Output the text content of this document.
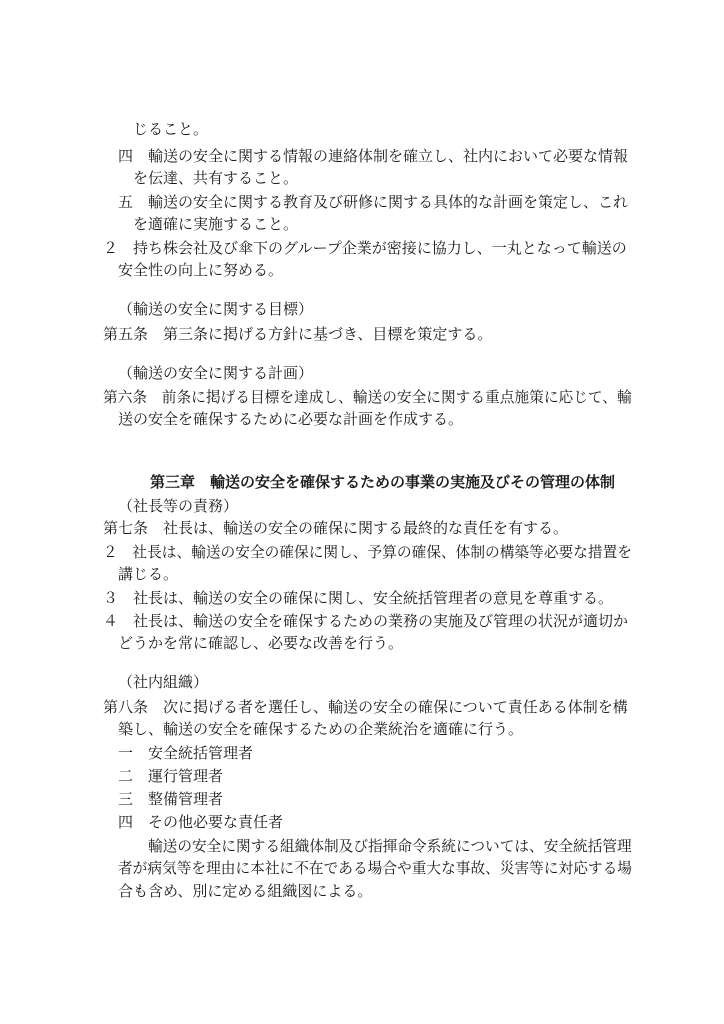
じること。
四　輸送の安全に関する情報の連絡体制を確立し、社内において必要な情報
を伝達、共有すること。
五　輸送の安全に関する教育及び研修に関する具体的な計画を策定し、これ
を適確に実施すること。
２　持ち株会社及び傘下のグループ企業が密接に協力し、一丸となって輸送の
安全性の向上に努める。
（輸送の安全に関する目標）
第五条　第三条に掲げる方針に基づき、目標を策定する。
（輸送の安全に関する計画）
第六条　前条に掲げる目標を達成し、輸送の安全に関する重点施策に応じて、輸
送の安全を確保するために必要な計画を作成する。
第三章　輸送の安全を確保するための事業の実施及びその管理の体制
（社長等の責務）
第七条　社長は、輸送の安全の確保に関する最終的な責任を有する。
２　社長は、輸送の安全の確保に関し、予算の確保、体制の構築等必要な措置を
講じる。
３　社長は、輸送の安全の確保に関し、安全統括管理者の意見を尊重する。
４　社長は、輸送の安全を確保するための業務の実施及び管理の状況が適切か
どうかを常に確認し、必要な改善を行う。
（社内組織）
第八条　次に掲げる者を選任し、輸送の安全の確保について責任ある体制を構
築し、輸送の安全を確保するための企業統治を適確に行う。
一　安全統括管理者
二　運行管理者
三　整備管理者
四　その他必要な責任者
輸送の安全に関する組織体制及び指揮命令系統については、安全統括管理
者が病気等を理由に本社に不在である場合や重大な事故、災害等に対応する場
合も含め、別に定める組織図による。
